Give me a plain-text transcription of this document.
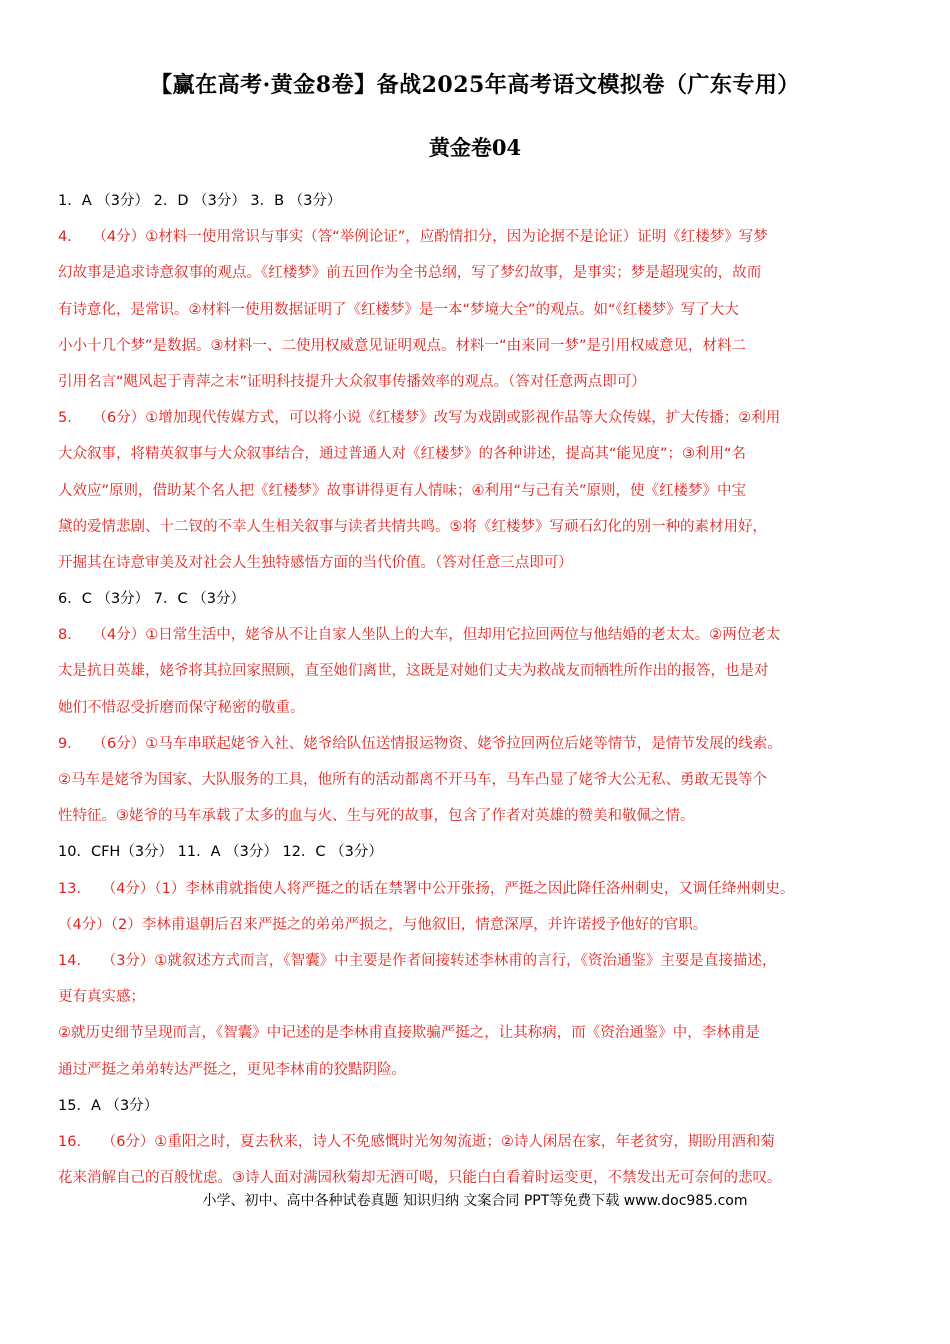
【赢在高考·黄金8卷】备战2025年高考语文模拟卷（广东专用）
黄金卷04
1．A （3分） 2．D （3分） 3．B （3分）
4． （4分）①材料一使用常识与事实（答“举例论证”，应酌情扣分，因为论据不是论证）证明《红楼梦》写梦
幻故事是追求诗意叙事的观点。《红楼梦》前五回作为全书总纲，写了梦幻故事，是事实；梦是超现实的，故而
有诗意化，是常识。②材料一使用数据证明了《红楼梦》是一本“梦境大全”的观点。如“《红楼梦》写了大大
小小十几个梦”是数据。③材料一、二使用权威意见证明观点。材料一“由来同一梦”是引用权威意见，材料二
引用名言“飓风起于青萍之末”证明科技提升大众叙事传播效率的观点。（答对任意两点即可）
5． （6分）①增加现代传媒方式，可以将小说《红楼梦》改写为戏剧或影视作品等大众传媒，扩大传播；②利用
大众叙事，将精英叙事与大众叙事结合，通过普通人对《红楼梦》的各种讲述，提高其“能见度”；③利用“名
人效应”原则，借助某个名人把《红楼梦》故事讲得更有人情味；④利用“与己有关”原则，使《红楼梦》中宝
黛的爱情悲剧、十二钗的不幸人生相关叙事与读者共情共鸣。⑤将《红楼梦》写顽石幻化的别一种的素材用好，
开掘其在诗意审美及对社会人生独特感悟方面的当代价值。（答对任意三点即可）
6．C （3分） 7．C （3分）
8． （4分）①日常生活中，姥爷从不让自家人坐队上的大车，但却用它拉回两位与他结婚的老太太。②两位老太
太是抗日英雄，姥爷将其拉回家照顾，直至她们离世，这既是对她们丈夫为救战友而牺牲所作出的报答，也是对
她们不惜忍受折磨而保守秘密的敬重。
9． （6分）①马车串联起姥爷入社、姥爷给队伍送情报运物资、姥爷拉回两位后姥等情节，是情节发展的线索。
②马车是姥爷为国家、大队服务的工具，他所有的活动都离不开马车，马车凸显了姥爷大公无私、勇敢无畏等个
性特征。③姥爷的马车承载了太多的血与火、生与死的故事，包含了作者对英雄的赞美和敬佩之情。
10．CFH（3分） 11．A （3分） 12．C （3分）
13． （4分）（1）李林甫就指使人将严挺之的话在禁署中公开张扬，严挺之因此降任洛州刺史，又调任绛州刺史。
（4分）（2）李林甫退朝后召来严挺之的弟弟严损之，与他叙旧，情意深厚，并许诺授予他好的官职。
14． （3分）①就叙述方式而言，《智囊》中主要是作者间接转述李林甫的言行，《资治通鉴》主要是直接描述，
更有真实感；
②就历史细节呈现而言，《智囊》中记述的是李林甫直接欺骗严挺之，让其称病，而《资治通鉴》中，李林甫是
通过严挺之弟弟转达严挺之，更见李林甫的狡黠阴险。
15．A （3分）
16． （6分）①重阳之时，夏去秋来，诗人不免感慨时光匆匆流逝；②诗人闲居在家，年老贫穷，期盼用酒和菊
花来消解自己的百般忧虑。③诗人面对满园秋菊却无酒可喝，只能白白看着时运变更，不禁发出无可奈何的悲叹。
小学、初中、高中各种试卷真题 知识归纳 文案合同 PPT等免费下载 www.doc985.com
